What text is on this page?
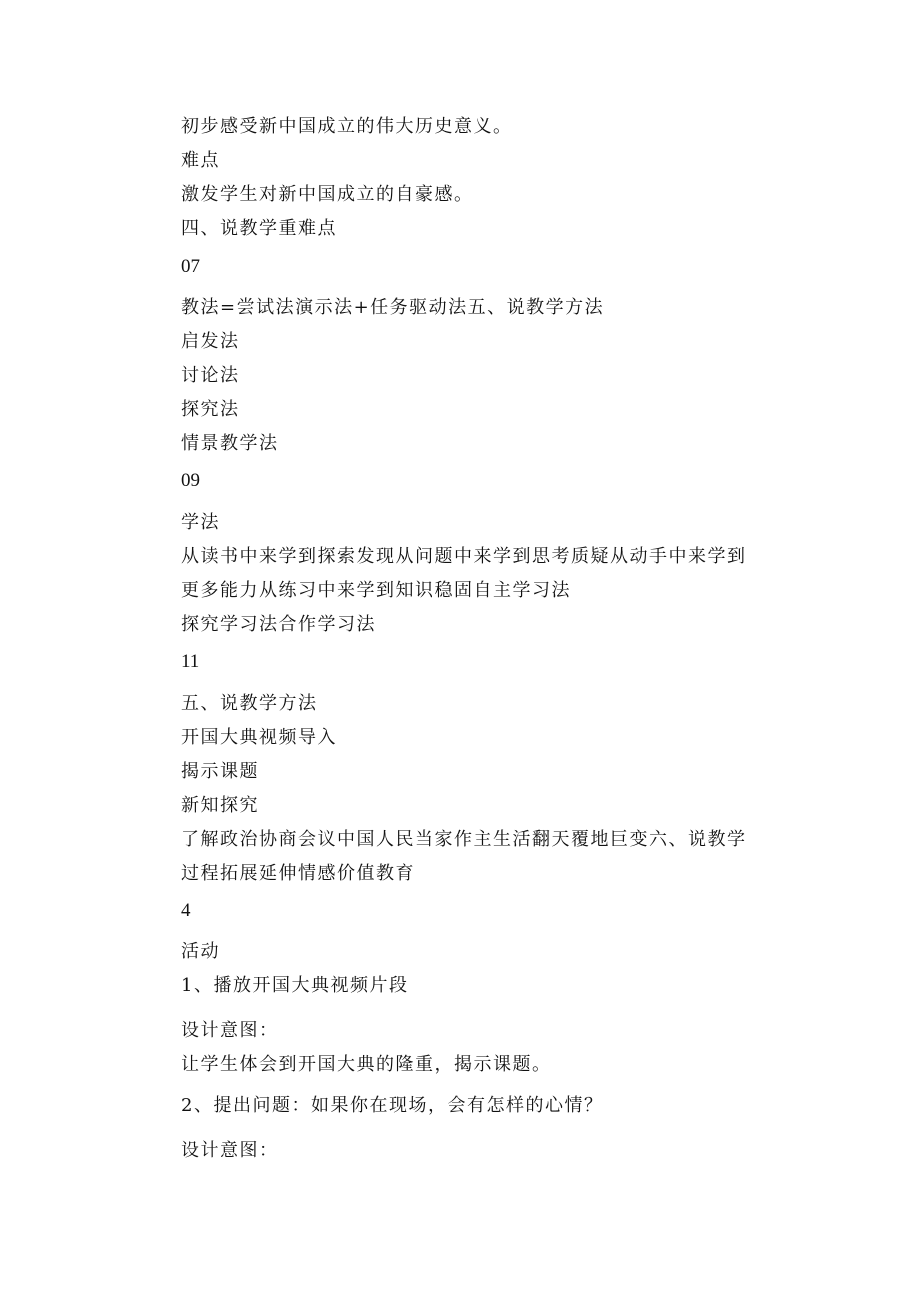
初步感受新中国成立的伟大历史意义。
难点
激发学生对新中国成立的自豪感。
四、说教学重难点
07
教法=尝试法演示法+任务驱动法五、说教学方法
启发法
讨论法
探究法
情景教学法
09
学法
从读书中来学到探索发现从问题中来学到思考质疑从动手中来学到
更多能力从练习中来学到知识稳固自主学习法
探究学习法合作学习法
11
五、说教学方法
开国大典视频导入
揭示课题
新知探究
了解政治协商会议中国人民当家作主生活翻天覆地巨变六、说教学
过程拓展延伸情感价值教育
4
活动
1、播放开国大典视频片段
设计意图：
让学生体会到开国大典的隆重，揭示课题。
2、提出问题：如果你在现场，会有怎样的心情？
设计意图：
